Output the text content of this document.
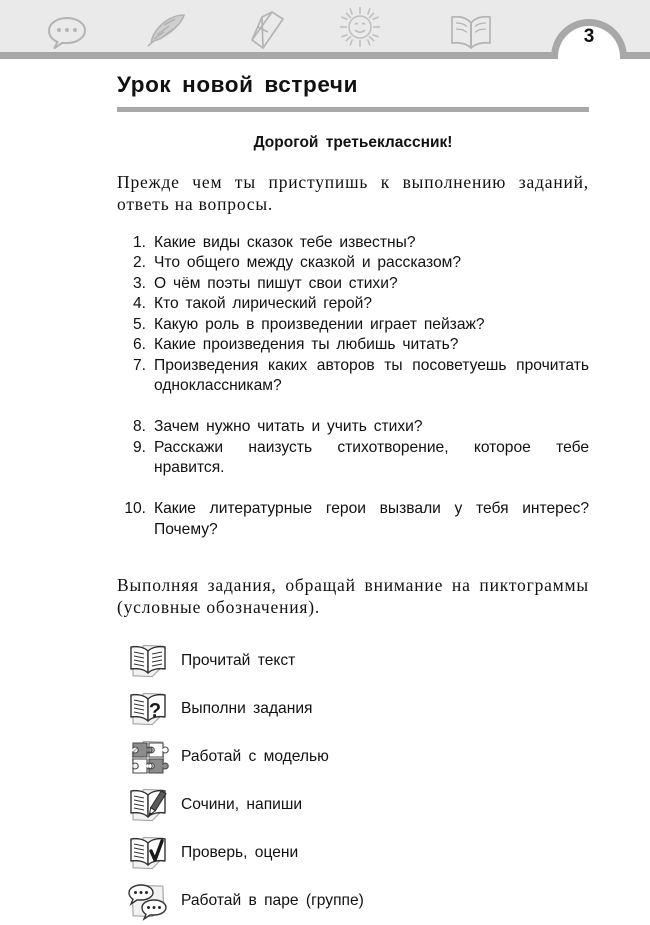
3
Урок новой встречи
Дорогой третьеклассник!

Прежде чем ты приступишь к выполнению заданий, ответь на вопросы.

1. Какие виды сказок тебе известны?
2. Что общего между сказкой и рассказом?
3. О чём поэты пишут свои стихи?
4. Кто такой лирический герой?
5. Какую роль в произведении играет пейзаж?
6. Какие произведения ты любишь читать?
7. Произведения каких авторов ты посоветуешь прочитать одноклассникам?
8. Зачем нужно читать и учить стихи?
9. Расскажи наизусть стихотворение, которое тебе нравится.
10. Какие литературные герои вызвали у тебя интерес? Почему?

Выполняя задания, обращай внимание на пиктограммы (условные обозначения).

Прочитай текст
? Выполни задания
Работай с моделью
Сочини, напиши
Проверь, оцени
Работай в паре (группе)
